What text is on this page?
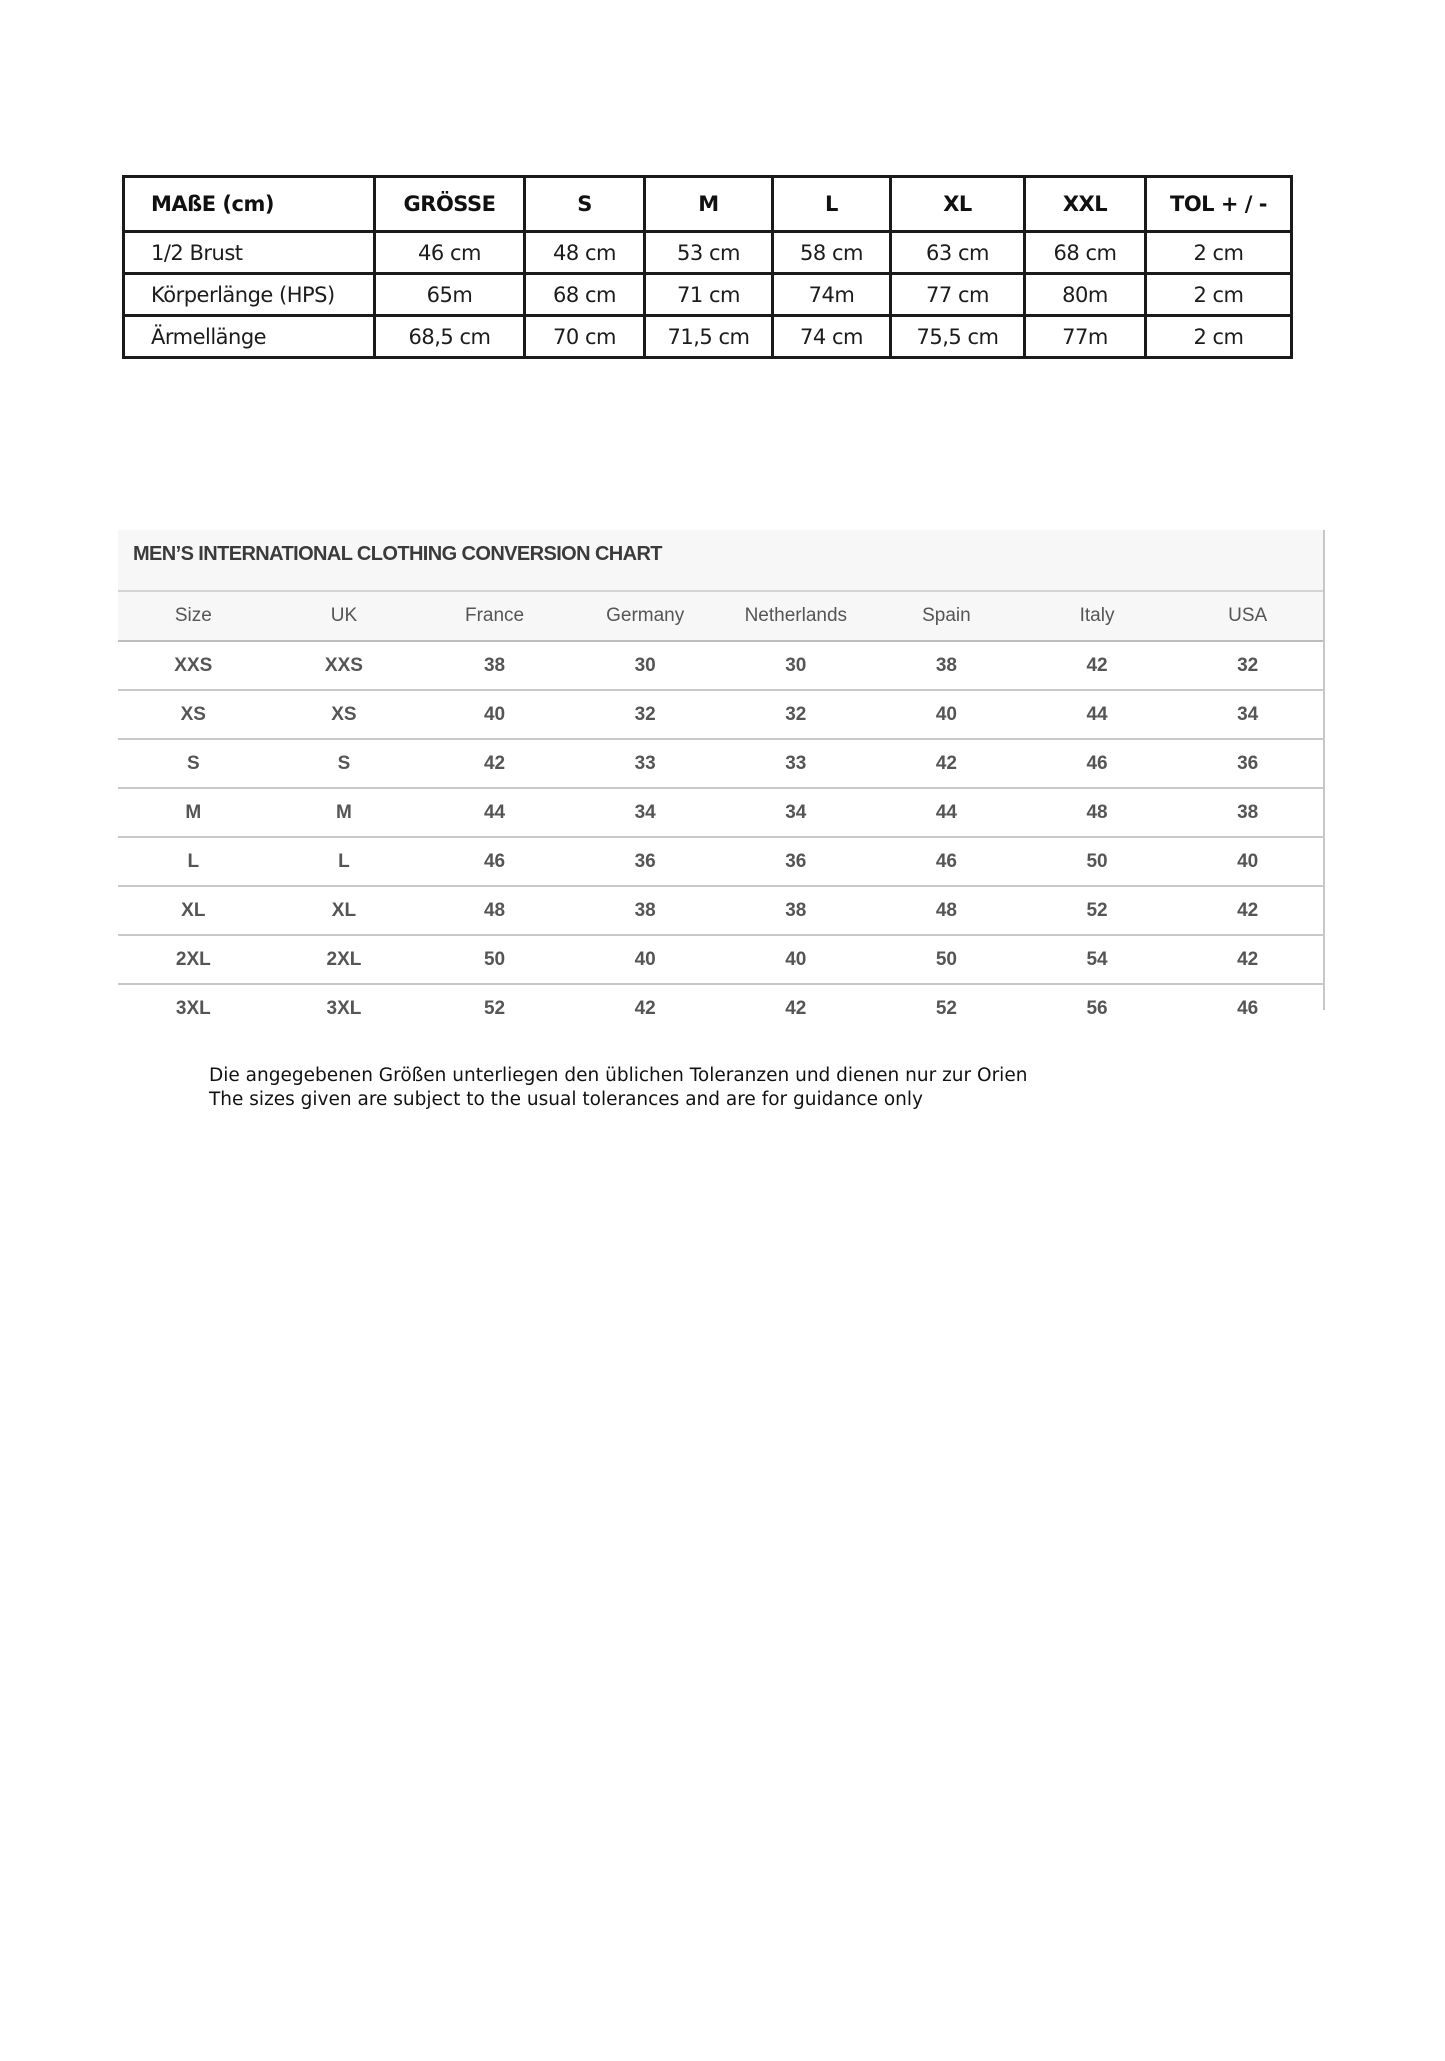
MAßE (cm)	GRÖSSE	S	M	L	XL	XXL	TOL + / -
1/2 Brust	46 cm	48 cm	53 cm	58 cm	63 cm	68 cm	2 cm
Körperlänge (HPS)	65m	68 cm	71 cm	74m	77 cm	80m	2 cm
Ärmellänge	68,5 cm	70 cm	71,5 cm	74 cm	75,5 cm	77m	2 cm
MEN’S INTERNATIONAL CLOTHING CONVERSION CHART
Size	UK	France	Germany	Netherlands	Spain	Italy	USA
XXS	XXS	38	30	30	38	42	32
XS	XS	40	32	32	40	44	34
S	S	42	33	33	42	46	36
M	M	44	34	34	44	48	38
L	L	46	36	36	46	50	40
XL	XL	48	38	38	48	52	42
2XL	2XL	50	40	40	50	54	42
3XL	3XL	52	42	42	52	56	46
Die angegebenen Größen unterliegen den üblichen Toleranzen und dienen nur zur Orien
The sizes given are subject to the usual tolerances and are for guidance only
